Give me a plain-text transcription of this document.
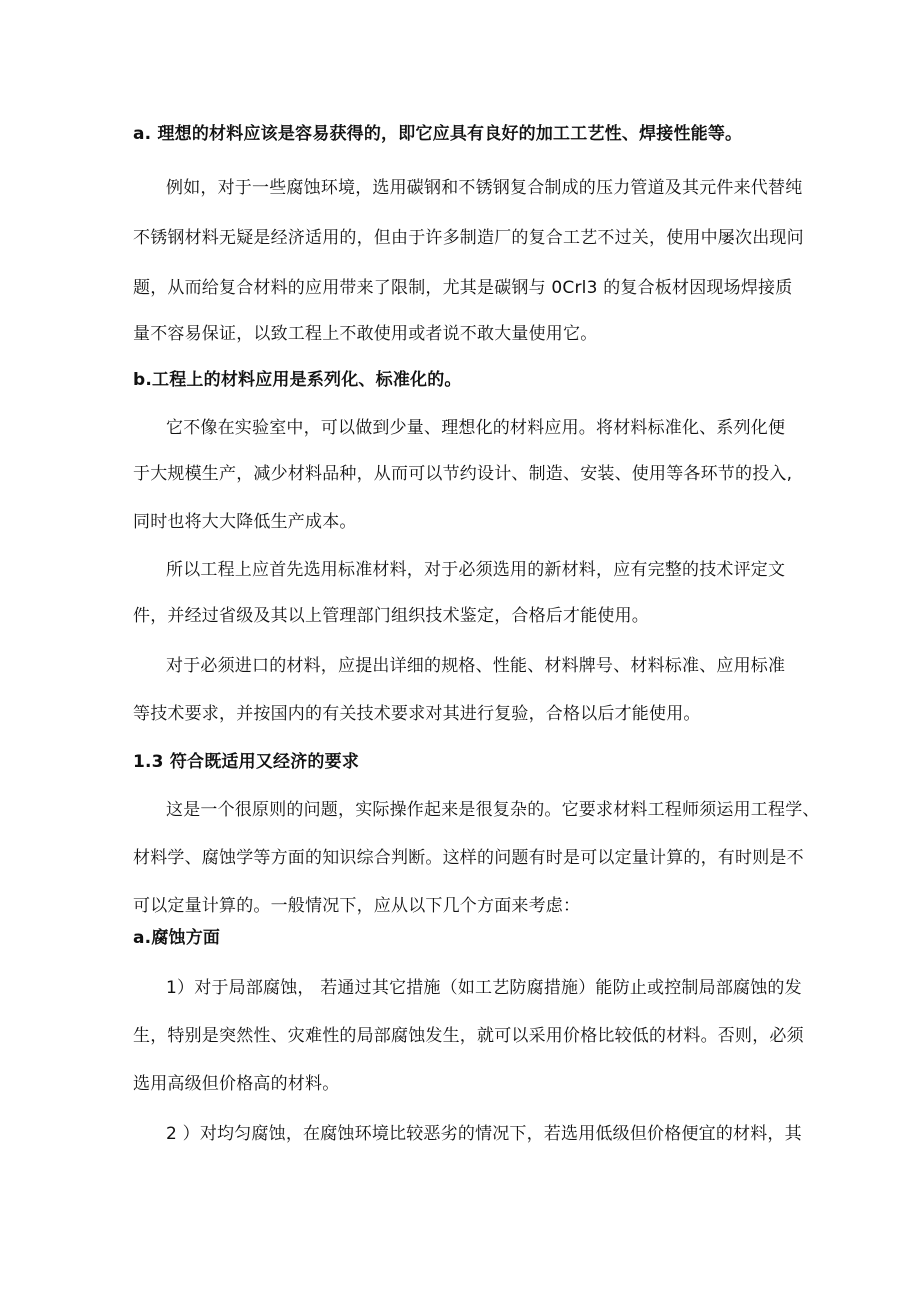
a. 理想的材料应该是容易获得的，即它应具有良好的加工工艺性、焊接性能等。
例如，对于一些腐蚀环境，选用碳钢和不锈钢复合制成的压力管道及其元件来代替纯
不锈钢材料无疑是经济适用的，但由于许多制造厂的复合工艺不过关，使用中屡次出现问
题，从而给复合材料的应用带来了限制，尤其是碳钢与 0Crl3 的复合板材因现场焊接质
量不容易保证，以致工程上不敢使用或者说不敢大量使用它。
b.工程上的材料应用是系列化、标准化的。
它不像在实验室中，可以做到少量、理想化的材料应用。将材料标准化、系列化便
于大规模生产，减少材料品种，从而可以节约设计、制造、安装、使用等各环节的投入,
同时也将大大降低生产成本。
所以工程上应首先选用标准材料，对于必须选用的新材料，应有完整的技术评定文
件，并经过省级及其以上管理部门组织技术鉴定，合格后才能使用。
对于必须进口的材料，应提出详细的规格、性能、材料牌号、材料标准、应用标准
等技术要求，并按国内的有关技术要求对其进行复验，合格以后才能使用。
1.3 符合既适用又经济的要求
这是一个很原则的问题，实际操作起来是很复杂的。它要求材料工程师须运用工程学、
材料学、腐蚀学等方面的知识综合判断。这样的问题有时是可以定量计算的，有时则是不
可以定量计算的。一般情况下，应从以下几个方面来考虑：
a.腐蚀方面
1）对于局部腐蚀， 若通过其它措施（如工艺防腐措施）能防止或控制局部腐蚀的发
生，特别是突然性、灾难性的局部腐蚀发生，就可以采用价格比较低的材料。否则，必须
选用高级但价格高的材料。
2 ）对均匀腐蚀，在腐蚀环境比较恶劣的情况下，若选用低级但价格便宜的材料，其
